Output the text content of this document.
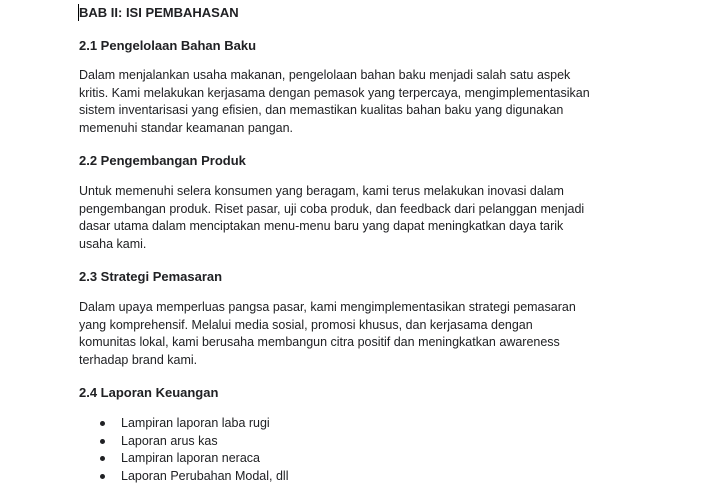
BAB II: ISI PEMBAHASAN
2.1 Pengelolaan Bahan Baku

Dalam menjalankan usaha makanan, pengelolaan bahan baku menjadi salah satu aspek
kritis. Kami melakukan kerjasama dengan pemasok yang terpercaya, mengimplementasikan
sistem inventarisasi yang efisien, dan memastikan kualitas bahan baku yang digunakan
memenuhi standar keamanan pangan.

2.2 Pengembangan Produk

Untuk memenuhi selera konsumen yang beragam, kami terus melakukan inovasi dalam
pengembangan produk. Riset pasar, uji coba produk, dan feedback dari pelanggan menjadi
dasar utama dalam menciptakan menu-menu baru yang dapat meningkatkan daya tarik
usaha kami.

2.3 Strategi Pemasaran

Dalam upaya memperluas pangsa pasar, kami mengimplementasikan strategi pemasaran
yang komprehensif. Melalui media sosial, promosi khusus, dan kerjasama dengan
komunitas lokal, kami berusaha membangun citra positif dan meningkatkan awareness
terhadap brand kami.

2.4 Laporan Keuangan
Lampiran laporan laba rugi
Laporan arus kas
Lampiran laporan neraca
Laporan Perubahan Modal, dll
